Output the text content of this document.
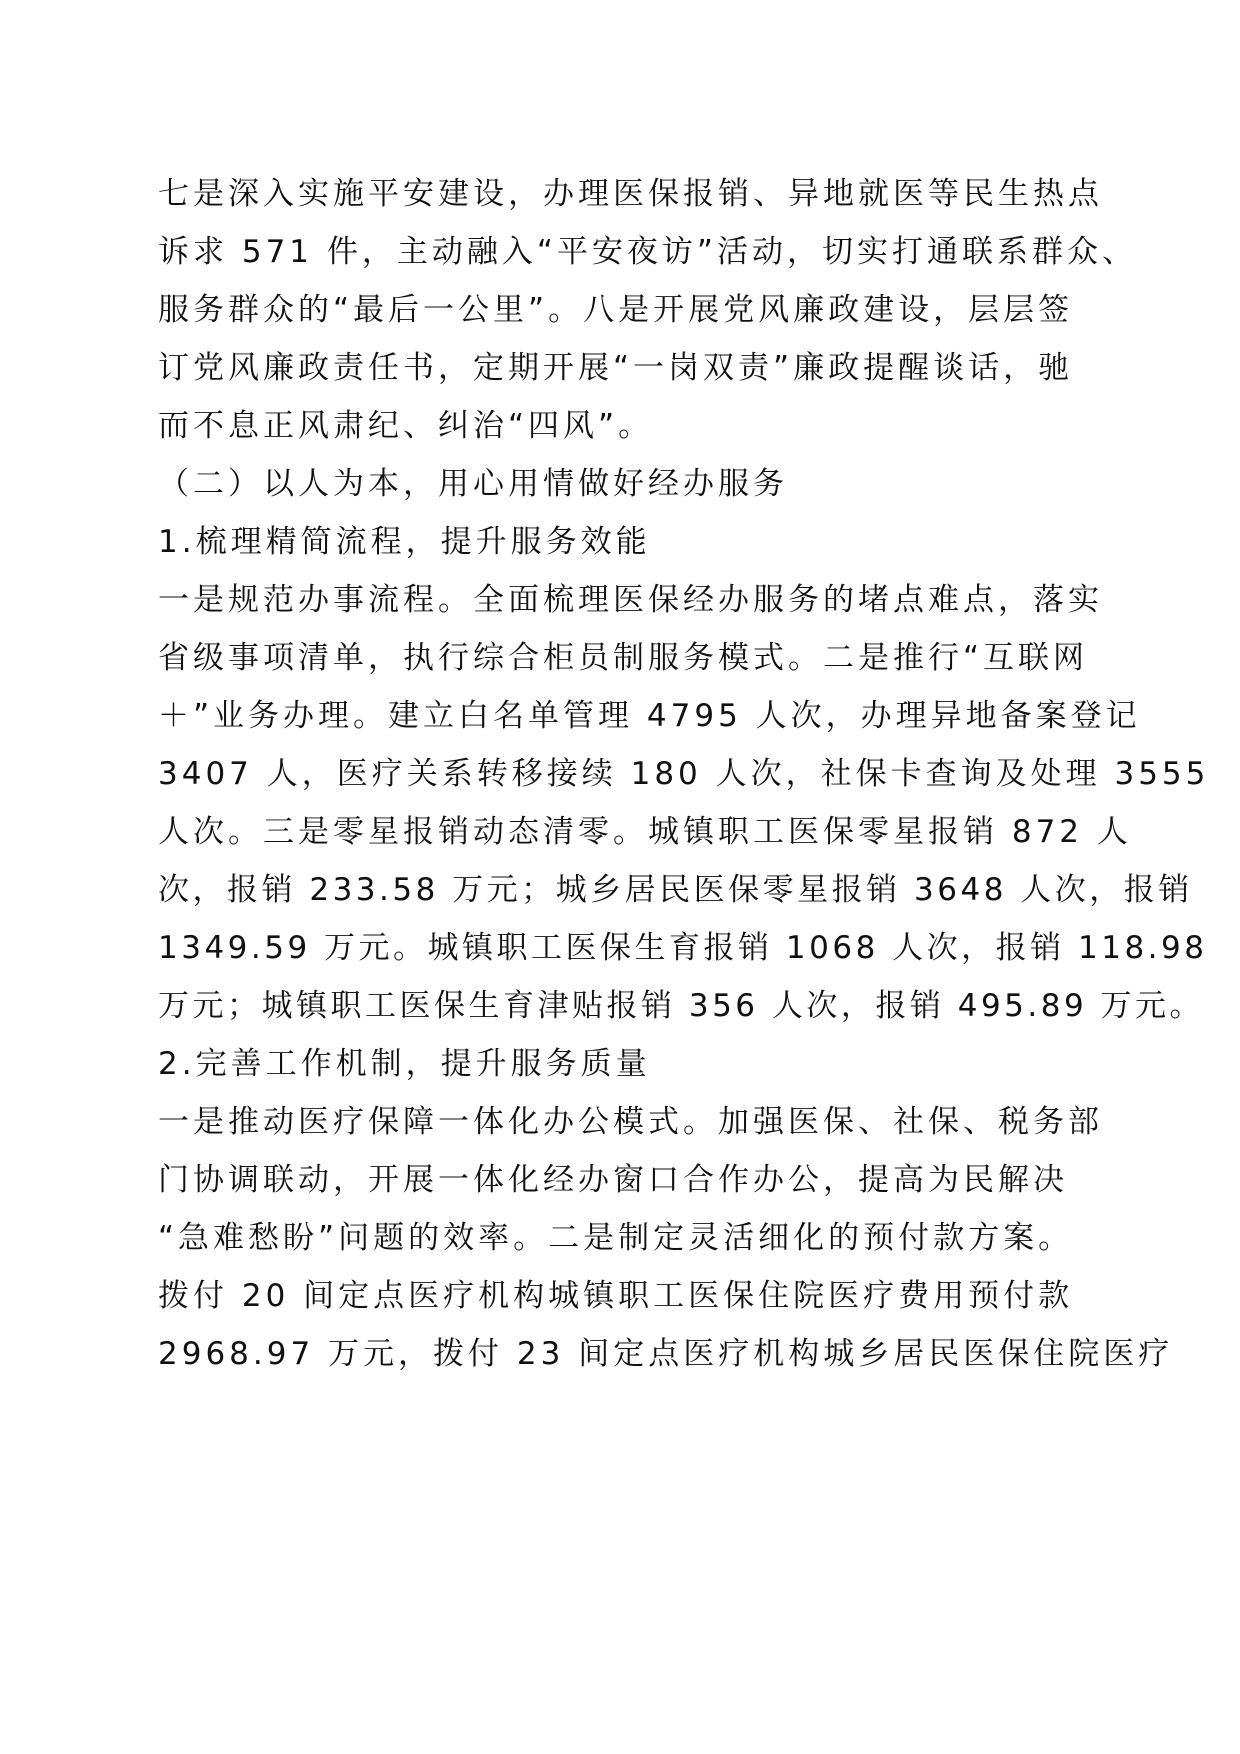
七是深入实施平安建设，办理医保报销、异地就医等民生热点
诉求 571 件，主动融入“平安夜访”活动，切实打通联系群众、
服务群众的“最后一公里”。八是开展党风廉政建设，层层签
订党风廉政责任书，定期开展“一岗双责”廉政提醒谈话，驰
而不息正风肃纪、纠治“四风”。
（二）以人为本，用心用情做好经办服务
1.梳理精简流程，提升服务效能
一是规范办事流程。全面梳理医保经办服务的堵点难点，落实
省级事项清单，执行综合柜员制服务模式。二是推行“互联网
＋”业务办理。建立白名单管理 4795 人次，办理异地备案登记
3407 人，医疗关系转移接续 180 人次，社保卡查询及处理 3555
人次。三是零星报销动态清零。城镇职工医保零星报销 872 人
次，报销 233.58 万元；城乡居民医保零星报销 3648 人次，报销
1349.59 万元。城镇职工医保生育报销 1068 人次，报销 118.98
万元；城镇职工医保生育津贴报销 356 人次，报销 495.89 万元。
2.完善工作机制，提升服务质量
一是推动医疗保障一体化办公模式。加强医保、社保、税务部
门协调联动，开展一体化经办窗口合作办公，提高为民解决
“急难愁盼”问题的效率。二是制定灵活细化的预付款方案。
拨付 20 间定点医疗机构城镇职工医保住院医疗费用预付款
2968.97 万元，拨付 23 间定点医疗机构城乡居民医保住院医疗
